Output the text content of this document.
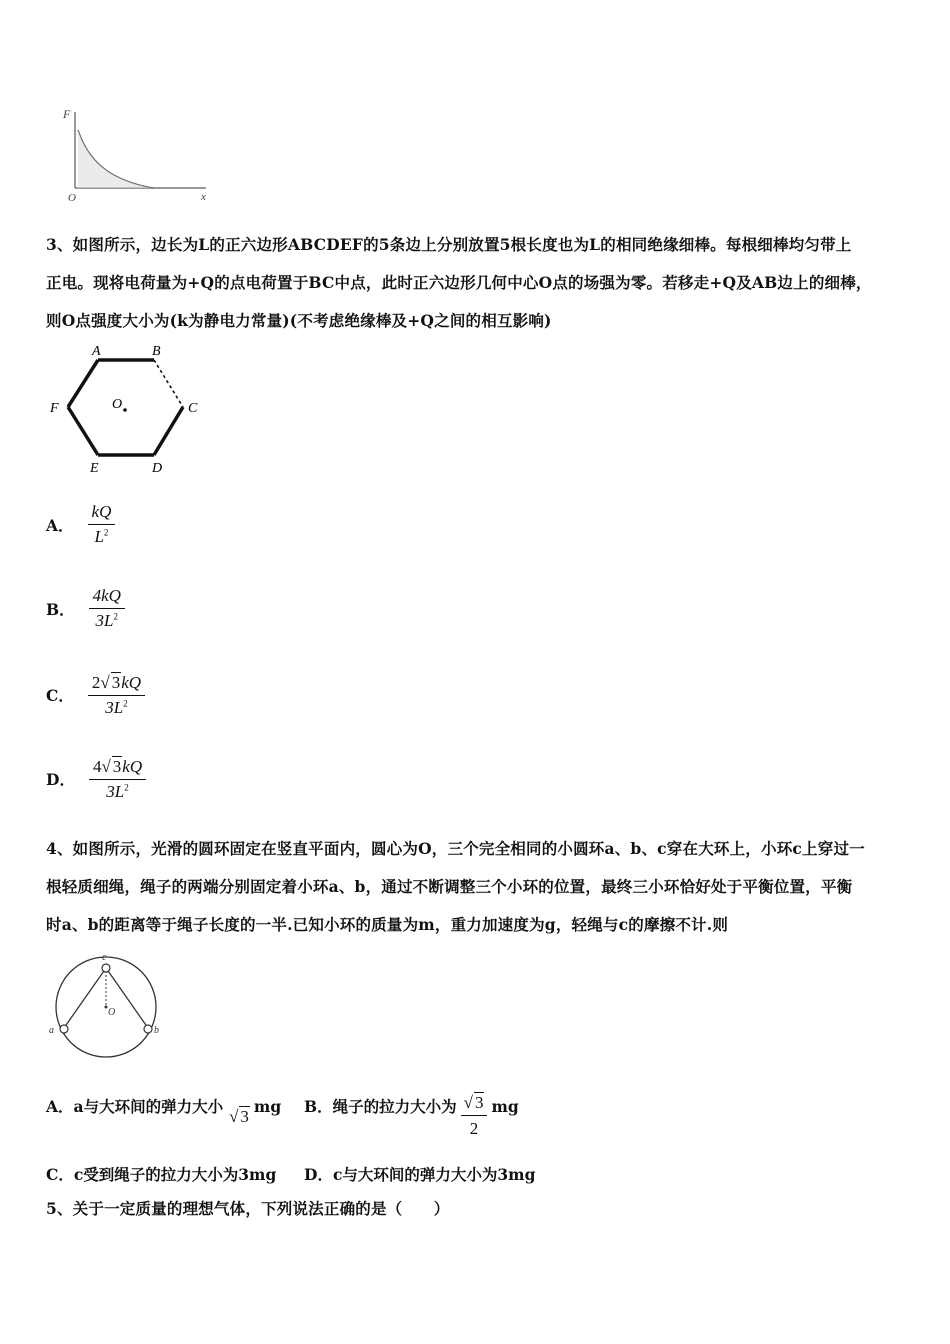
F
x
O
3、如图所示，边长为L的正六边形ABCDEF的5条边上分别放置5根长度也为L的相同绝缘细棒。每根细棒均匀带上
正电。现将电荷量为+Q的点电荷置于BC中点，此时正六边形几何中心O点的场强为零。若移走+Q及AB边上的细棒，
则O点强度大小为(k为静电力常量)(不考虑绝缘棒及+Q之间的相互影响)
A	B
C
D
E
F	O
A． $\frac{kQ}{L^2}$
B． $\frac{4kQ}{3L^2}$
C． $\frac{2√ 3kQ}{3L^2}$
D． $\frac{4√ 3kQ}{3L^2}$
4、如图所示，光滑的圆环固定在竖直平面内，圆心为O，三个完全相同的小圆环a、b、c穿在大环上，小环c上穿过一
根轻质细绳，绳子的两端分别固定着小环a、b，通过不断调整三个小环的位置，最终三小环恰好处于平衡位置，平衡
时a、b的距离等于绳子长度的一半.已知小环的质量为m，重力加速度为g，轻绳与c的摩擦不计.则
c
a	b
O
A．a与大环间的弹力大小
√ 3
mg B．绳子的拉力大小为 √ 3
2
mg
C．c受到绳子的拉力大小为3mg D．c与大环间的弹力大小为3mg
5、关于一定质量的理想气体，下列说法正确的是（　　）
